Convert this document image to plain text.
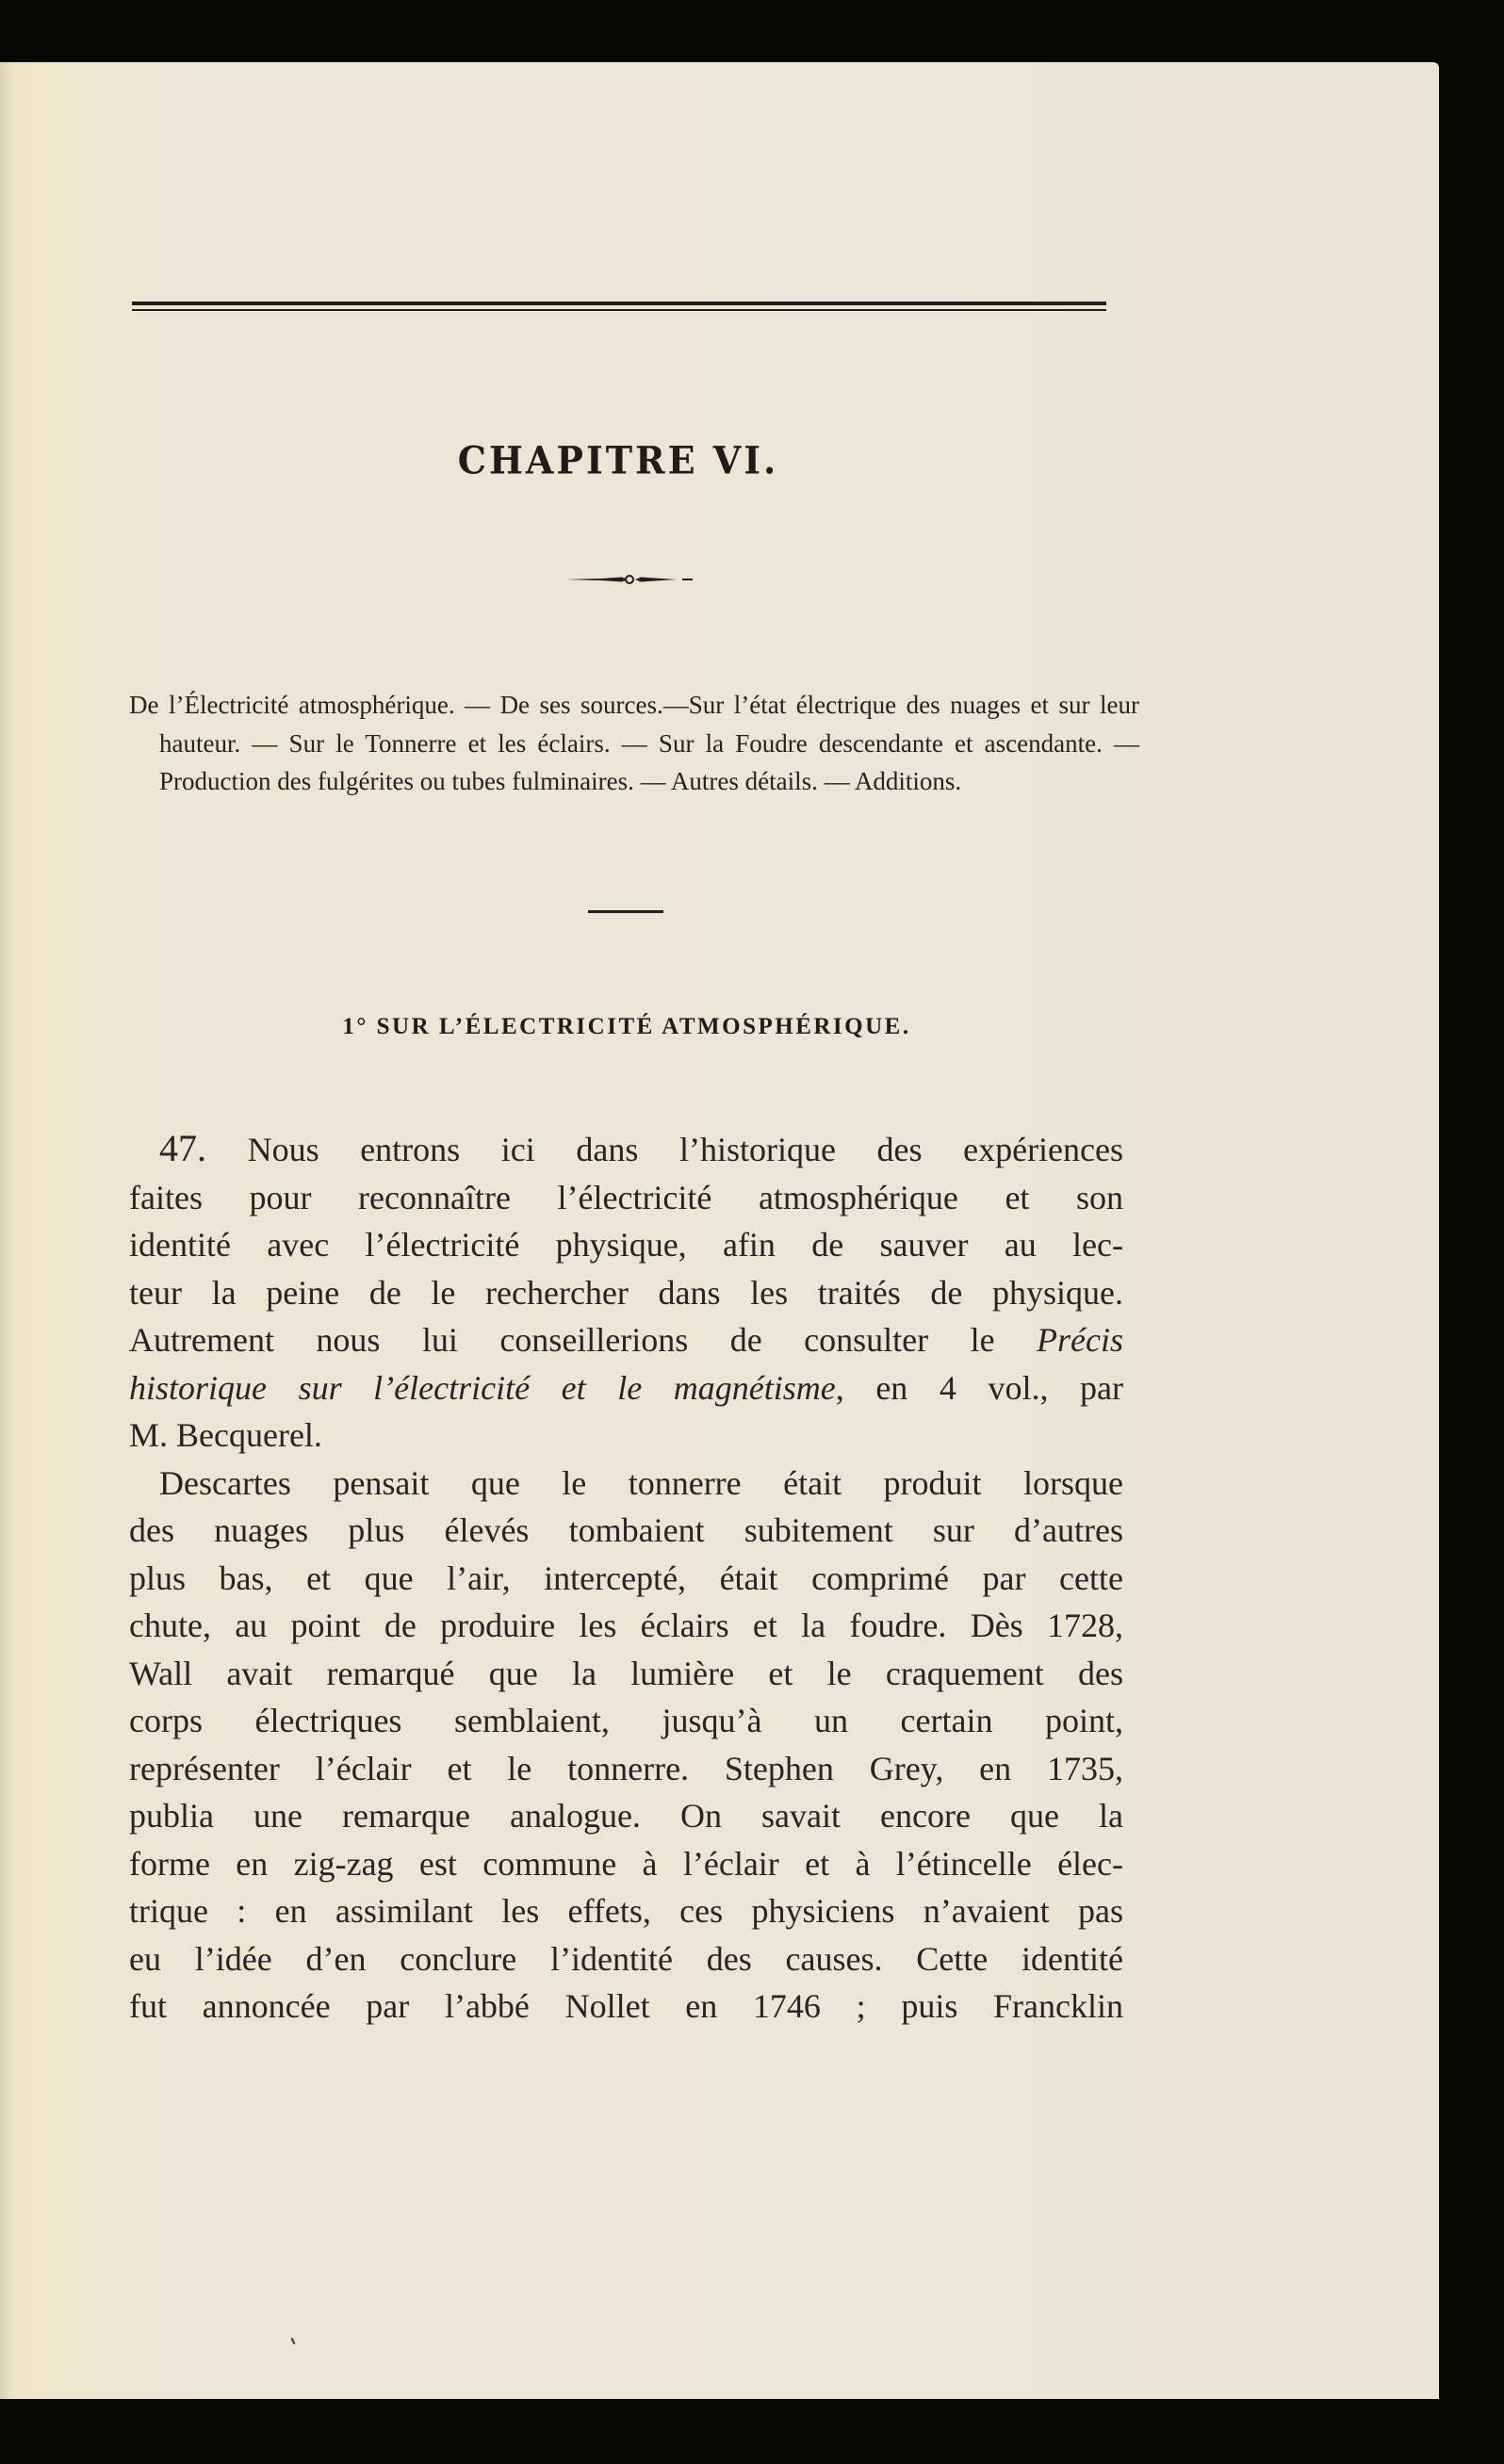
CHAPITRE VI.

De l’Électricité atmosphérique. — De ses sources.—Sur l’état électrique des nuages et sur leur hauteur. — Sur le Tonnerre et les éclairs. — Sur la Foudre descendante et ascendante. — Production des fulgérites ou tubes fulminaires. — Autres détails. — Additions.

1° SUR L’ÉLECTRICITÉ ATMOSPHÉRIQUE.
47. Nous entrons ici dans l’historique des expériences
faites pour reconnaître l’électricité atmosphérique et son
identité avec l’électricité physique, afin de sauver au lec-
teur la peine de le rechercher dans les traités de physique.
Autrement nous lui conseillerions de consulter le Précis
historique sur l’électricité et le magnétisme, en 4 vol., par
M. Becquerel.
Descartes pensait que le tonnerre était produit lorsque
des nuages plus élevés tombaient subitement sur d’autres
plus bas, et que l’air, intercepté, était comprimé par cette
chute, au point de produire les éclairs et la foudre. Dès 1728,
Wall avait remarqué que la lumière et le craquement des
corps électriques semblaient, jusqu’à un certain point,
représenter l’éclair et le tonnerre. Stephen Grey, en 1735,
publia une remarque analogue. On savait encore que la
forme en zig-zag est commune à l’éclair et à l’étincelle élec-
trique : en assimilant les effets, ces physiciens n’avaient pas
eu l’idée d’en conclure l’identité des causes. Cette identité
fut annoncée par l’abbé Nollet en 1746 ; puis Francklin
